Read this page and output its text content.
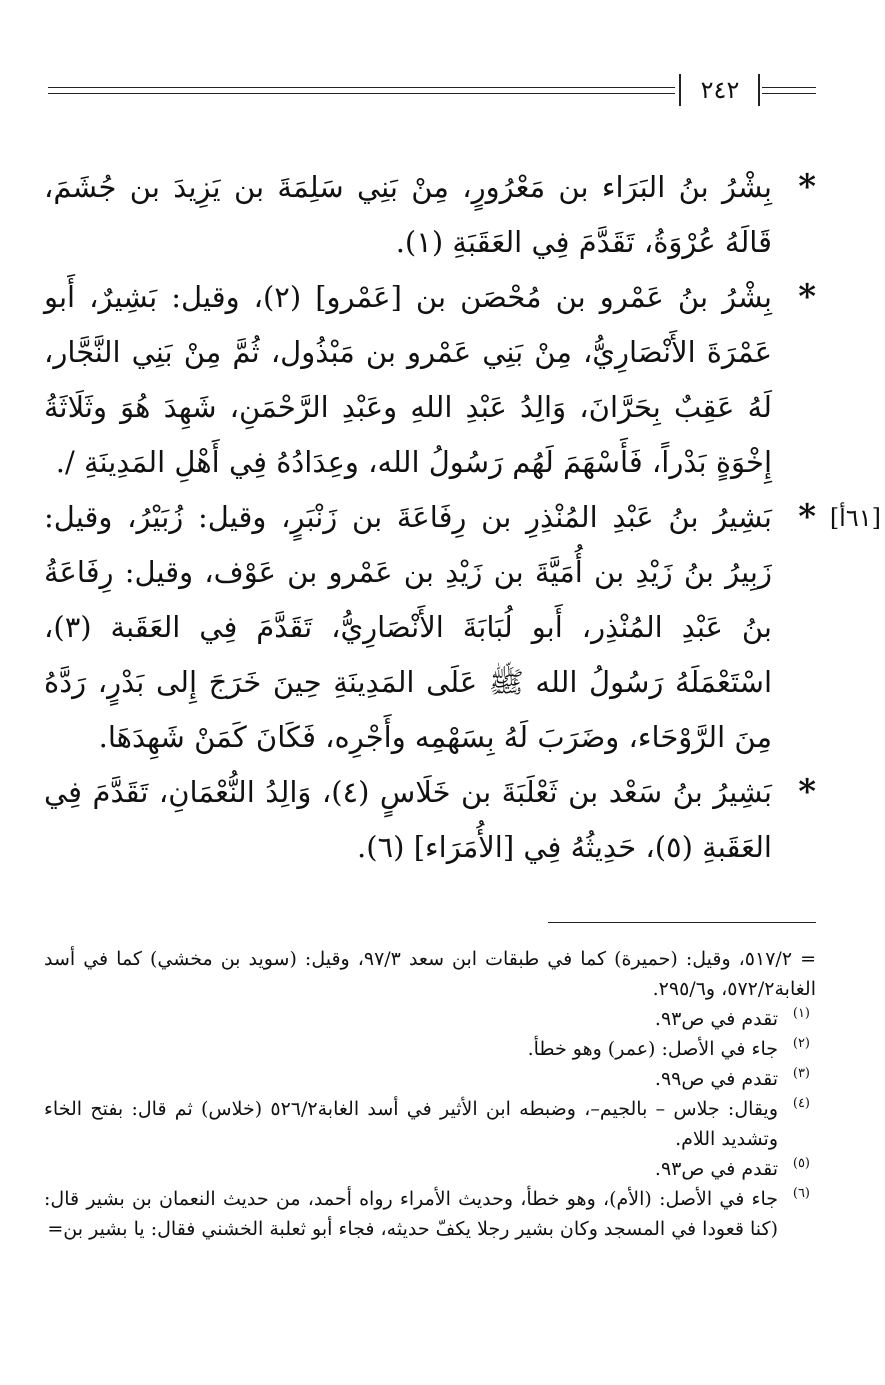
٢٤٢
*

بِشْرُ بنُ البَرَاء بن مَعْرُورٍ، مِنْ بَنِي سَلِمَةَ بن يَزِيدَ بن جُشَمَ، قَالَهُ عُرْوَةُ، تَقَدَّمَ فِي العَقَبَةِ (١).

*

بِشْرُ بنُ عَمْرو بن مُحْصَن بن [عَمْرو] (٢)، وقيل: بَشِيرٌ، أَبو عَمْرَةَ الأَنْصَارِيُّ، مِنْ بَنِي عَمْرو بن مَبْذُول، ثُمَّ مِنْ بَنِي النَّجَّار، لَهُ عَقِبٌ بِحَرَّانَ، وَالِدُ عَبْدِ اللهِ وعَبْدِ الرَّحْمَنِ، شَهِدَ هُوَ وثَلَاثَةُ إِخْوَةٍ بَدْراً، فَأَسْهَمَ لَهُم رَسُولُ الله، وعِدَادُهُ فِي أَهْلِ المَدِينَةِ /.

*

بَشِيرُ بنُ عَبْدِ المُنْذِرِ بن رِفَاعَةَ بن زَنْبَرٍ، وقيل: زُبَيْرُ، وقيل: زَبِيرُ بنُ زَيْدِ بن أُمَيَّةَ بن زَيْدِ بن عَمْرو بن عَوْف، وقيل: رِفَاعَةُ بنُ عَبْدِ المُنْذِر، أَبو لُبَابَةَ الأَنْصَارِيُّ، تَقَدَّمَ فِي العَقَبة (٣)، اسْتَعْمَلَهُ رَسُولُ الله ﷺ عَلَى المَدِينَةِ حِينَ خَرَجَ إِلى بَدْرٍ، رَدَّهُ مِنَ الرَّوْحَاء، وضَرَبَ لَهُ بِسَهْمِه وأَجْرِه، فَكَانَ كَمَنْ شَهِدَهَا.

*

بَشِيرُ بنُ سَعْد بن ثَعْلَبَةَ بن خَلَاسٍ (٤)، وَالِدُ النُّعْمَانِ، تَقَدَّمَ فِي العَقَبةِ (٥)، حَدِيثُهُ فِي [الأُمَرَاء] (٦).

[٦١أ]

= ٥١٧/٢، وقيل: (حميرة) كما في طبقات ابن سعد ٩٧/٣، وقيل: (سويد بن مخشي) كما في أسد الغابة٥٧٢/٢، و٢٩٥/٦.

(١)
تقدم في ص٩٣.
(٢)
جاء في الأصل: (عمر) وهو خطأ.
(٣)
تقدم في ص٩٩.
(٤)
ويقال: جلاس – بالجيم–، وضبطه ابن الأثير في أسد الغابة٥٢٦/٢ (خلاس) ثم قال: بفتح الخاء وتشديد اللام.
(٥)
تقدم في ص٩٣.
(٦)
جاء في الأصل: (الأم)، وهو خطأ، وحديث الأمراء رواه أحمد، من حديث النعمان بن بشير قال: (كنا قعودا في المسجد وكان بشير رجلا يكفّ حديثه، فجاء أبو ثعلبة الخشني فقال: يا بشير بن=
